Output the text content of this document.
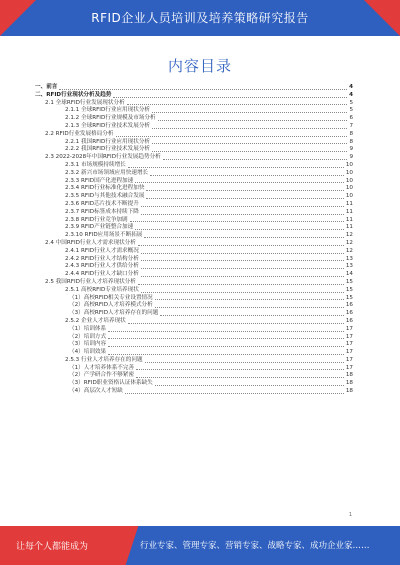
RFID企业人员培训及培养策略研究报告
内容目录
一、前言	4
二、RFID行业现状分析及趋势	4
2.1 全球RFID行业发展现状分析	5
2.1.1 全球RFID行业应用现状分析	5
2.1.2 全球RFID行业规模及市场分析	6
2.1.3 全球RFID行业技术发展分析	7
2.2 RFID行业发展格局分析	8
2.2.1 我国RFID行业应用现状分析	8
2.2.2 我国RFID行业技术发展分析	9
2.3 2022-2028年中国RFID行业发展趋势分析	9
2.3.1 市场规模持续增长	10
2.3.2 新兴市场领域应用快速增长	10
2.3.3 RFID国产化进程加速	10
2.3.4 RFID行业标准化进程加快	10
2.3.5 RFID与其他技术融合发展	10
2.3.6 RFID芯片技术不断提升	11
2.3.7 RFID标签成本持续下降	11
2.3.8 RFID行业竞争加剧	11
2.3.9 RFID产业链整合加速	11
2.3.10 RFID应用场景不断拓展	12
2.4 中国RFID行业人才需求现状分析	12
2.4.1 RFID行业人才需求概况	12
2.4.2 RFID行业人才结构分析	13
2.4.3 RFID行业人才供给分析	13
2.4.4 RFID行业人才缺口分析	14
2.5 我国RFID行业人才培养现状分析	15
2.5.1 高校RFID专业培养现状	15
（1）高校RFID相关专业设置情况	15
（2）高校RFID人才培养模式分析	16
（3）高校RFID人才培养存在的问题	16
2.5.2 企业人才培养现状	16
（1）培训体系	17
（2）培训方式	17
（3）培训内容	17
（4）培训效果	17
2.5.3 行业人才培养存在的问题	17
（1）人才培养体系不完善	17
（2）产学研合作不够紧密	18
（3）RFID职业资格认证体系缺失	18
（4）高层次人才短缺	18
1
让每个人都能成为	行业专家、管理专家、营销专家、战略专家、成功企业家……
